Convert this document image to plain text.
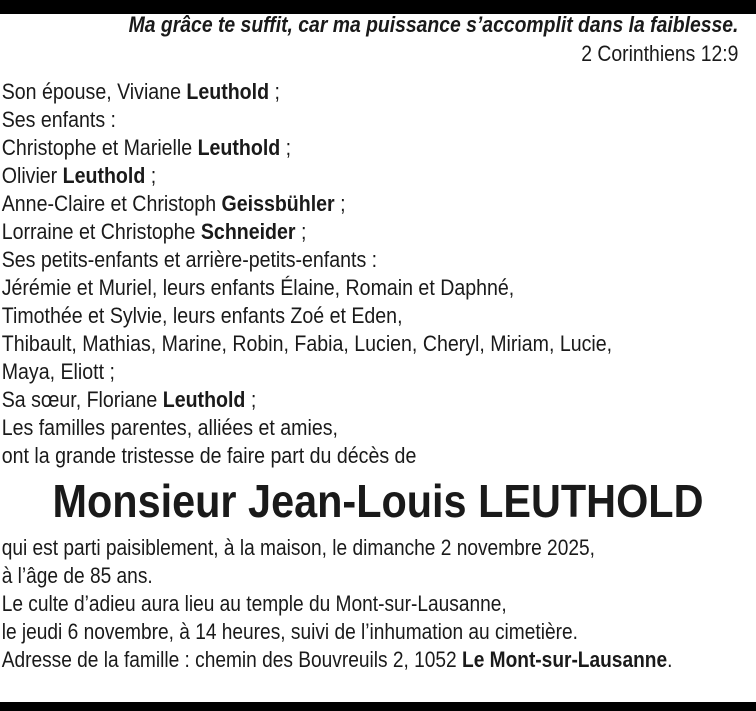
Ma grâce te suffit, car ma puissance s’accomplit dans la faiblesse.
2 Corinthiens 12:9
Son épouse, Viviane Leuthold ;
Ses enfants :
Christophe et Marielle Leuthold ;
Olivier Leuthold ;
Anne-Claire et Christoph Geissbühler ;
Lorraine et Christophe Schneider ;
Ses petits-enfants et arrière-petits-enfants :
Jérémie et Muriel, leurs enfants Élaine, Romain et Daphné,
Timothée et Sylvie, leurs enfants Zoé et Eden,
Thibault, Mathias, Marine, Robin, Fabia, Lucien, Cheryl, Miriam, Lucie,
Maya, Eliott ;
Sa sœur, Floriane Leuthold ;
Les familles parentes, alliées et amies,
ont la grande tristesse de faire part du décès de
Monsieur Jean-Louis LEUTHOLD
qui est parti paisiblement, à la maison, le dimanche 2 novembre 2025,
à l’âge de 85 ans.
Le culte d’adieu aura lieu au temple du Mont-sur-Lausanne,
le jeudi 6 novembre, à 14 heures, suivi de l’inhumation au cimetière.
Adresse de la famille : chemin des Bouvreuils 2, 1052 Le Mont-sur-Lausanne.
